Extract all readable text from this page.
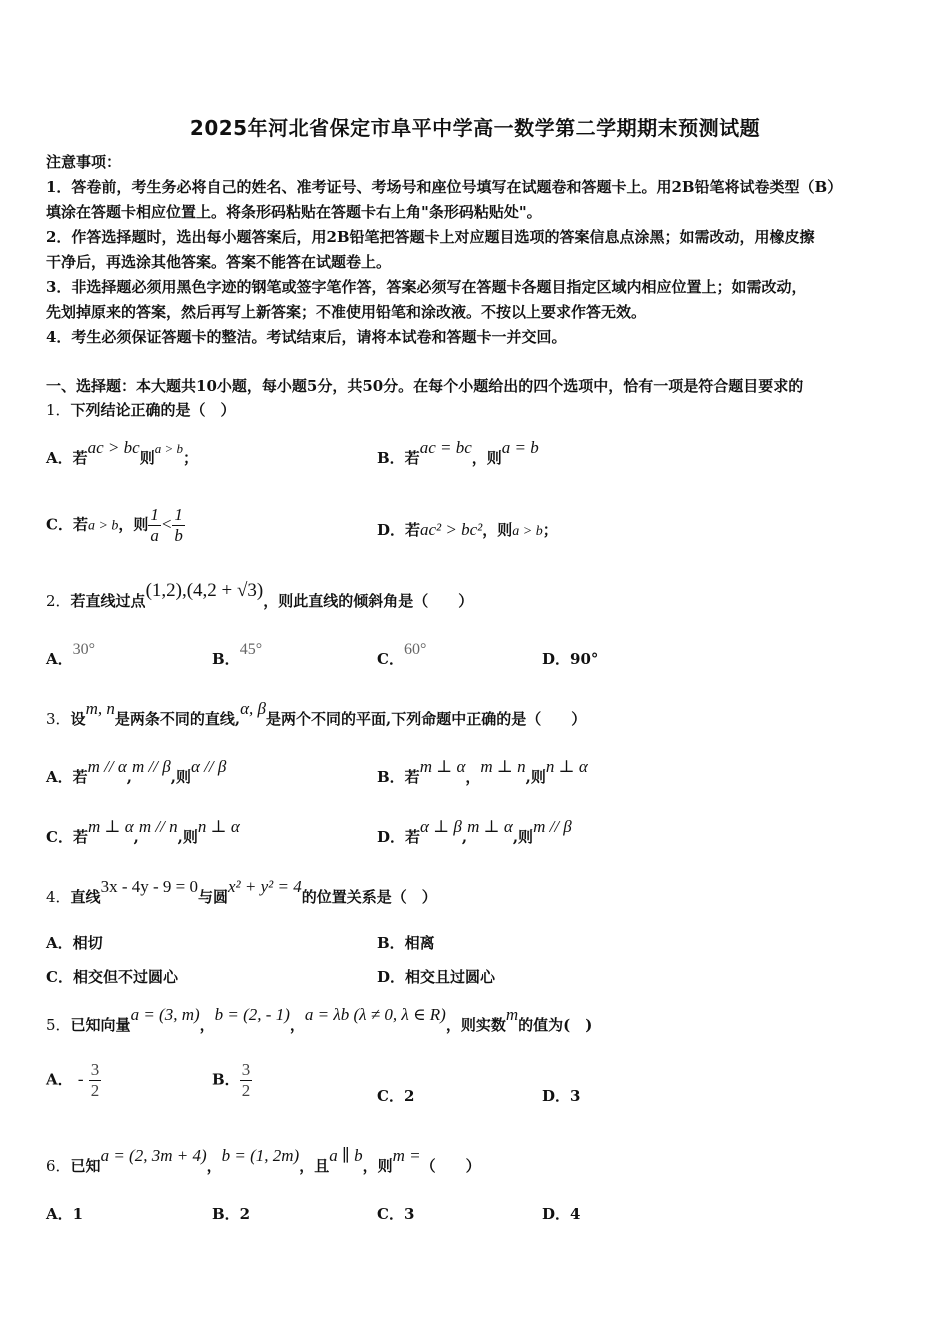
2025年河北省保定市阜平中学高一数学第二学期期末预测试题
注意事项：
1．答卷前，考生务必将自己的姓名、准考证号、考场号和座位号填写在试题卷和答题卡上。用2B铅笔将试卷类型（B）
填涂在答题卡相应位置上。将条形码粘贴在答题卡右上角"条形码粘贴处"。
2．作答选择题时，选出每小题答案后，用2B铅笔把答题卡上对应题目选项的答案信息点涂黑；如需改动，用橡皮擦
干净后，再选涂其他答案。答案不能答在试题卷上。
3．非选择题必须用黑色字迹的钢笔或签字笔作答，答案必须写在答题卡各题目指定区域内相应位置上；如需改动，
先划掉原来的答案，然后再写上新答案；不准使用铅笔和涂改液。不按以上要求作答无效。
4．考生必须保证答题卡的整洁。考试结束后，请将本试卷和答题卡一并交回。
一、选择题：本大题共10小题，每小题5分，共50分。在每个小题给出的四个选项中，恰有一项是符合题目要求的
1．下列结论正确的是（　）
A．若ac > bc则a > b；	B．若ac = bc，则a = b
C．若a > b，则 $\frac{1}{a} < \frac{1}{b}$	D．若ac² > bc²，则a > b；
2．若直线过点(1,2),(4,2 + √3)，则此直线的倾斜角是（　　）
A．30°
B．45°
C．60°
D．90°
3．设m, n是两条不同的直线,α, β是两个不同的平面,下列命题中正确的是（　　）
A．若m // α,m // β,则α // β
B．若m ⊥ α，m ⊥ n,则n ⊥ α
C．若m ⊥ α,m // n,则n ⊥ α
D．若α ⊥ β,m ⊥ α,则m // β
4．直线3x - 4y - 9 = 0与圆x² + y² = 4的位置关系是（　）
A．相切	B．相离
C．相交但不过圆心	D．相交且过圆心
5．已知向量a = (3, m)，b = (2, - 1)，a = λb (λ ≠ 0, λ ∈ R)，则实数m的值为(　)
A． - $\frac{3}{2}$	B． $\frac{3}{2}$	C．2	D．3
6．已知a = (2, 3m + 4)，b = (1, 2m)，且a ∥ b，则m =（　　）
A．1	B．2	C．3	D．4
